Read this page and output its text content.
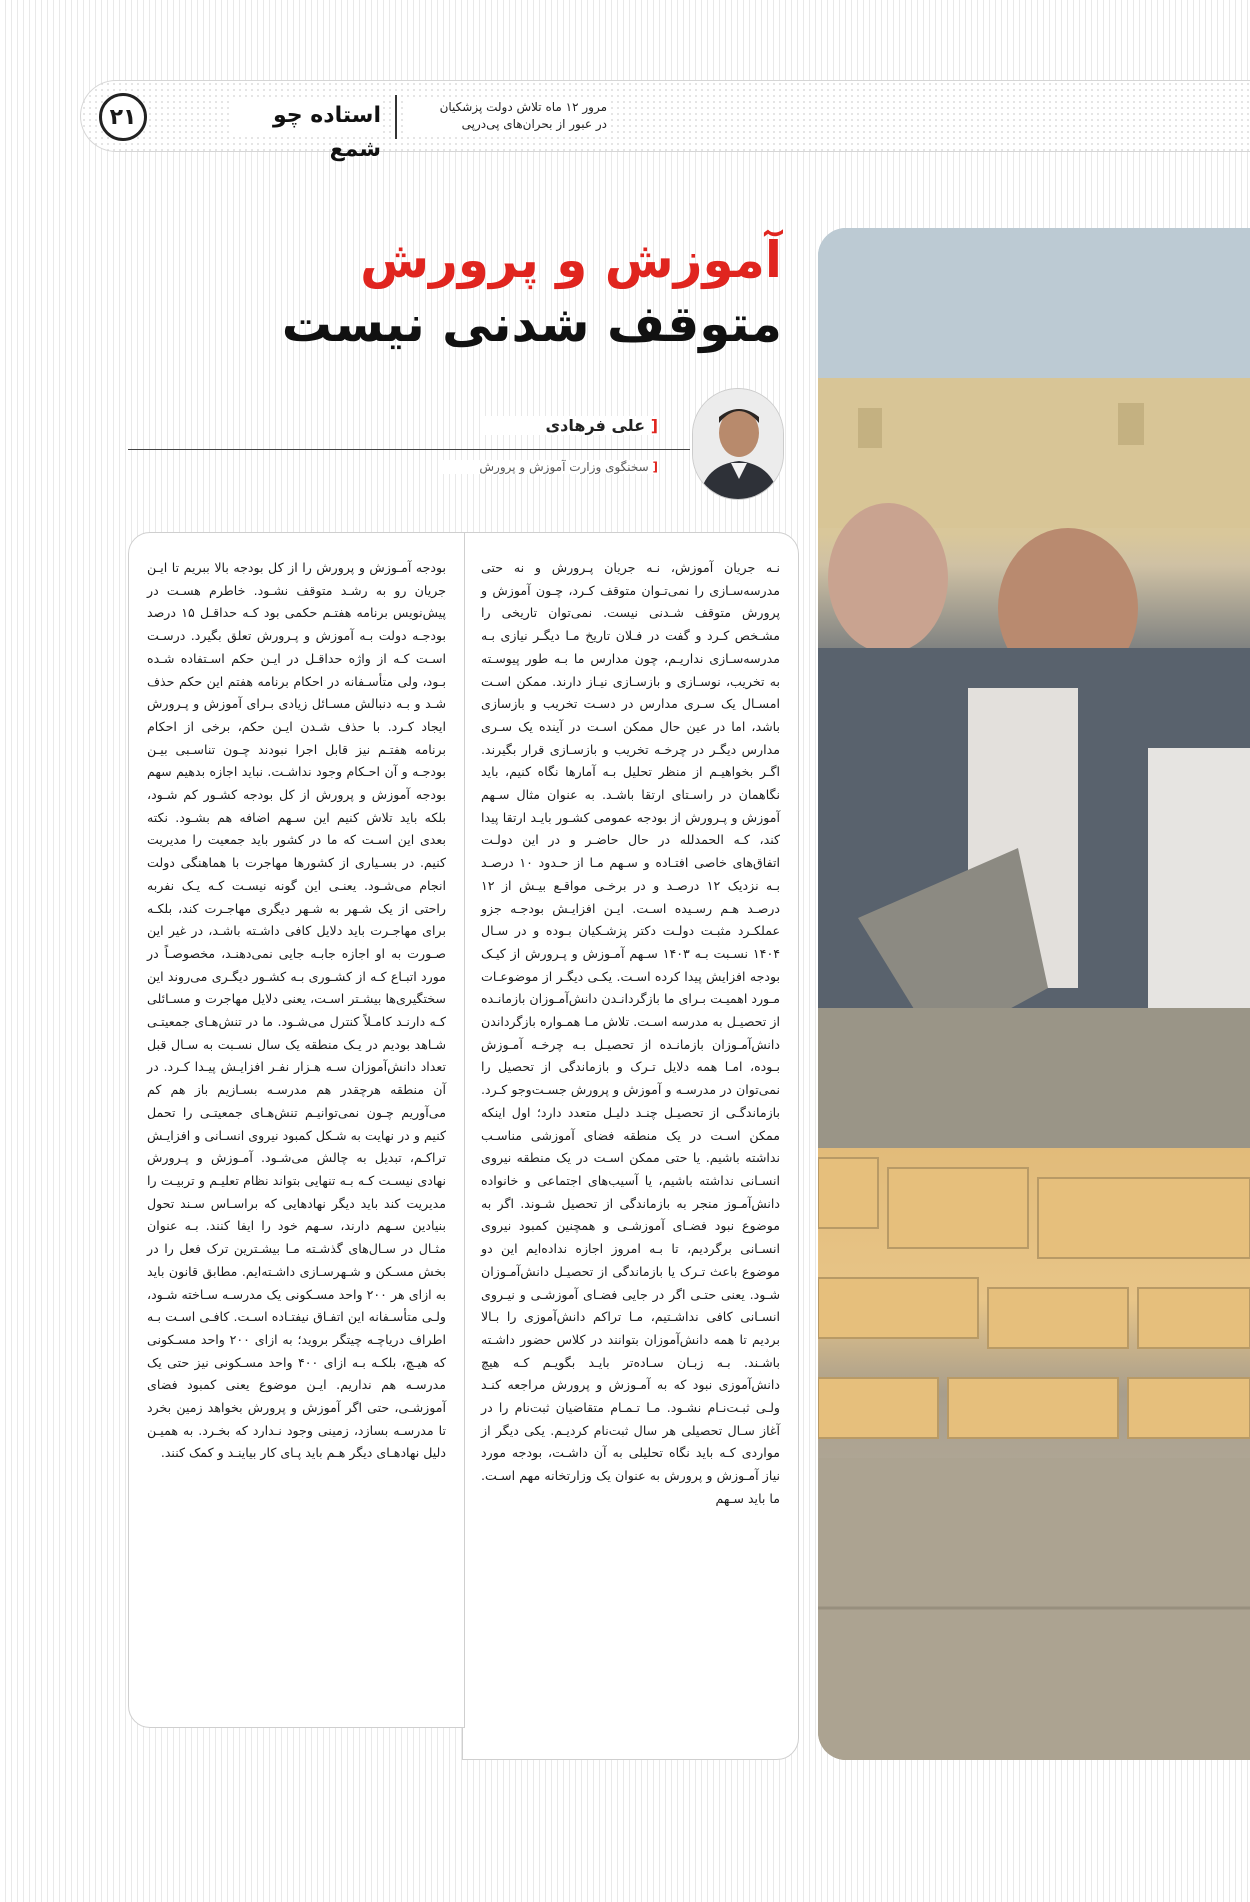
۲۱	استاده چو شمع
مرور ۱۲ ماه تلاش دولت پزشکیان
در عبور از بحران‌های پی‌در‌پی
آموزش و پرورش
متوقف شدنی نیست
[ علی فرهادی
[ سخنگوی وزارت آموزش و پرورش

نـه جریان آموزش، نـه جریان پـرورش و نه حتی مدرسه‌سـازی را نمی‌تـوان متوقف کـرد، چـون آموزش و پرورش متوقف شـدنی نیست. نمی‌توان تاریخی را مشـخص کـرد و گفت در فـلان تاریخ مـا دیگـر نیازی بـه مدرسه‌سـازی نداریـم، چون مدارس ما بـه طور پیوسـته به تخریب، نوسـازی و بازسـازی نیـاز دارند. ممکن اسـت امسـال یک سـری مدارس در دسـت تخریب و بازسازی باشد، اما در عین حال ممکن اسـت در آینده یک سـری مدارس دیگـر در چرخـه تخریب و بازسـازی قرار بگیرند. اگـر بخواهیـم از منظر تحلیل بـه آمارها نگاه کنیم، باید نگاهمان در راسـتای ارتقا باشـد. به عنوان مثال سـهم آموزش و پـرورش از بودجه عمومی کشـور بایـد ارتقا پیدا کند، کـه الحمدلله در حال حاضـر و در این دولـت اتفاق‌های خاصی افتـاده و سـهم مـا از حـدود ۱۰ درصـد بـه نزدیک ۱۲ درصـد و در برخـی مواقـع بیـش از ۱۲ درصـد هـم رسـیده اسـت. ایـن افزایـش بودجـه جزو عملکـرد مثبـت دولـت دکتر پزشـکیان بـوده و در سـال ۱۴۰۴ نسـبت بـه ۱۴۰۳ سـهم آمـوزش و پـرورش از کیـک بودجه افزایش پیدا کرده اسـت. یکـی دیگـر از موضوعـات مـورد اهمیـت بـرای ما بازگردانـدن دانش‌آمـوزان بازمانـده از تحصیـل به مدرسه اسـت. تلاش مـا همـواره بازگرداندن دانش‌آمـوزان بازمانـده از تحصیـل بـه چرخـه آمـوزش بـوده، امـا همه دلایل تـرک و بازماندگی از تحصیل را نمی‌توان در مدرسـه و آموزش و پرورش جسـت‌وجو کـرد. بازماندگـی از تحصیـل چنـد دلیـل متعدد دارد؛ اول اینکه ممکن اسـت در یک منطقه فضای آموزشی مناسـب نداشته باشیم. یا حتی ممکن اسـت در یک منطقه نیروی انسـانی نداشته باشیم، یا آسیب‌های اجتماعی و خانواده دانش‌آمـوز منجر به بازماندگی از تحصیل شـوند. اگر به موضوع نبود فضـای آموزشـی و همچنین کمبود نیروی انسـانی برگردیم، تا بـه امروز اجازه نداده‌ایم این دو موضوع باعث تـرک یا بازماندگی از تحصیـل دانش‌آمـوزان شـود. یعنی حتـی اگر در جایی فضـای آموزشـی و نیـروی انسـانی کافی نداشـتیم، مـا تراکم دانش‌آموزی را بـالا بردیم تا همه دانش‌آموزان بتوانند در کلاس حضور داشـته باشـند. بـه زبـان سـاده‌تر بایـد بگویـم کـه هیچ دانش‌آموزی نبود که به آمـوزش و پرورش مراجعه کنـد ولـی ثبـت‌نـام نشـود. مـا تـمـام متقاضیان ثبت‌نام را در آغاز سـال تحصیلی هر سال ثبت‌نام کردیـم. یکی دیگر از مواردی کـه باید نگاه تحلیلی به آن داشـت، بودجه مورد نیاز آمـوزش و پرورش به عنوان یک وزارتخانه مهم اسـت. ما باید سـهم

بودجه آمـوزش و پرورش را از کل بودجه بالا ببریم تا ایـن جریان رو به رشـد متوقف نشـود. خاطرم هسـت در پیش‌نویس برنامه هفتـم حکمی بود کـه حداقـل ۱۵ درصد بودجـه دولت بـه آموزش و پـرورش تعلق بگیرد. درسـت اسـت کـه از واژه حداقـل در ایـن حکم اسـتفاده شـده بـود، ولی متأسـفانه در احکام برنامه هفتم این حکم حذف شـد و بـه دنبالش مسـائل زیادی بـرای آموزش و پـرورش ایجاد کـرد. با حذف شـدن ایـن حکم، برخی از احکام برنامه هفتـم نیز قابل اجرا نبودند چـون تناسـبی بیـن بودجـه و آن احـکام وجود نداشـت. نباید اجازه بدهیم سهم بودجه آموزش و پرورش از کل بودجه کشـور کم شـود، بلکه باید تلاش کنیم این سـهم اضافه هم بشـود. نکته بعدی این اسـت که ما در کشور باید جمعیت را مدیریت کنیم. در بسـیاری از کشورها مهاجرت با هماهنگی دولت انجام می‌شـود. یعنـی این گونه نیسـت کـه یـک نفربه راحتی از یک شـهر به شـهر دیگری مهاجـرت کند، بلکـه برای مهاجـرت باید دلایل کافی داشـته باشـد، در غیر این صـورت به او اجازه جابـه جایی نمی‌دهنـد، مخصوصـاً در مورد اتبـاع کـه از کشـوری بـه کشـور دیگـری می‌روند این سختگیری‌ها بیشـتر اسـت، یعنی دلایل مهاجرت و مسـائلی کـه دارنـد کامـلاً کنترل می‌شـود. ما در تنش‌هـای جمعیتـی شـاهد بودیم در یـک منطقه یک سال نسـبت به سـال قبل تعداد دانش‌آموزان سـه هـزار نفـر افزایـش پیـدا کـرد. در آن منطقه هرچقدر هم مدرسـه بسـازیم باز هم کم می‌آوریم چـون نمی‌توانیـم تنش‌هـای جمعیتـی را تحمل کنیم و در نهایت به شـکل کمبود نیروی انسـانی و افزایـش تراکـم، تبدیل به چالش می‌شـود. آمـوزش و پـرورش نهادی نیسـت کـه بـه تنهایی بتواند نظام تعلیـم و تربیـت را مدیریت کند باید دیگر نهادهایی که براسـاس سـند تحول بنیادین سـهم دارند، سـهم خود را ایفا کنند. بـه عنوان مثـال در سـال‌های گذشـته مـا بیشـترین ترک فعل را در بخش مسـکن و شـهرسـازی داشـته‌ایم. مطابق قانون باید به ازای هر ۲۰۰ واحد مسـکونی یک مدرسـه سـاخته شـود، ولـی متأسـفانه این اتفـاق نیفتـاده اسـت. کافـی اسـت بـه اطراف دریاچـه چیتگر بروید؛ به ازای ۲۰۰ واحد مسـکونی که هیـچ، بلکـه بـه ازای ۴۰۰ واحد مسـکونی نیز حتی یک مدرسـه هم نداریم. ایـن موضوع یعنی کمبود فضای آموزشـی، حتی اگر آموزش و پرورش بخواهد زمین بخرد تا مدرسـه بسازد، زمینی وجود نـدارد که بخـرد. به همیـن دلیل نهادهـای دیگر هـم باید پـای کار بیاینـد و کمک کنند.
